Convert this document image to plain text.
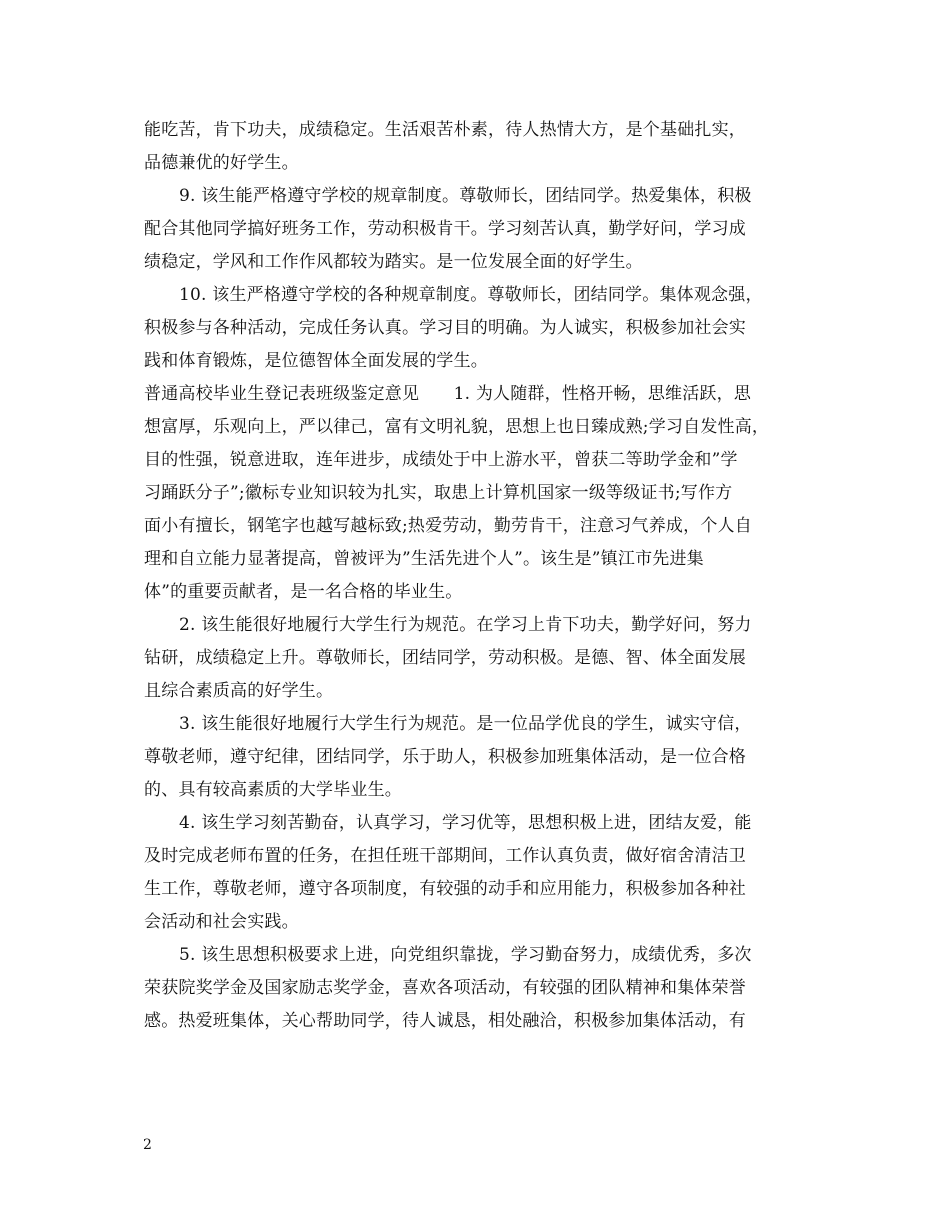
能吃苦，肯下功夫，成绩稳定。生活艰苦朴素，待人热情大方，是个基础扎实，
品德兼优的好学生。
9. 该生能严格遵守学校的规章制度。尊敬师长，团结同学。热爱集体，积极
配合其他同学搞好班务工作，劳动积极肯干。学习刻苦认真，勤学好问，学习成
绩稳定，学风和工作作风都较为踏实。是一位发展全面的好学生。
10. 该生严格遵守学校的各种规章制度。尊敬师长，团结同学。集体观念强，
积极参与各种活动，完成任务认真。学习目的明确。为人诚实，积极参加社会实
践和体育锻炼，是位德智体全面发展的学生。
普通高校毕业生登记表班级鉴定意见　　1. 为人随群，性格开畅，思维活跃，思
想富厚，乐观向上，严以律己，富有文明礼貌，思想上也日臻成熟;学习自发性高，
目的性强，锐意进取，连年进步，成绩处于中上游水平，曾获二等助学金和”学
习踊跃分子”;徽标专业知识较为扎实，取患上计算机国家一级等级证书;写作方
面小有擅长，钢笔字也越写越标致;热爱劳动，勤劳肯干，注意习气养成，个人自
理和自立能力显著提高，曾被评为”生活先进个人”。该生是”镇江市先进集
体”的重要贡献者，是一名合格的毕业生。
2. 该生能很好地履行大学生行为规范。在学习上肯下功夫，勤学好问，努力
钻研，成绩稳定上升。尊敬师长，团结同学，劳动积极。是德、智、体全面发展
且综合素质高的好学生。
3. 该生能很好地履行大学生行为规范。是一位品学优良的学生，诚实守信，
尊敬老师，遵守纪律，团结同学，乐于助人，积极参加班集体活动，是一位合格
的、具有较高素质的大学毕业生。
4. 该生学习刻苦勤奋，认真学习，学习优等，思想积极上进，团结友爱，能
及时完成老师布置的任务，在担任班干部期间，工作认真负责，做好宿舍清洁卫
生工作，尊敬老师，遵守各项制度，有较强的动手和应用能力，积极参加各种社
会活动和社会实践。
5. 该生思想积极要求上进，向党组织靠拢，学习勤奋努力，成绩优秀，多次
荣获院奖学金及国家励志奖学金，喜欢各项活动，有较强的团队精神和集体荣誉
感。热爱班集体，关心帮助同学，待人诚恳，相处融洽，积极参加集体活动，有
2
